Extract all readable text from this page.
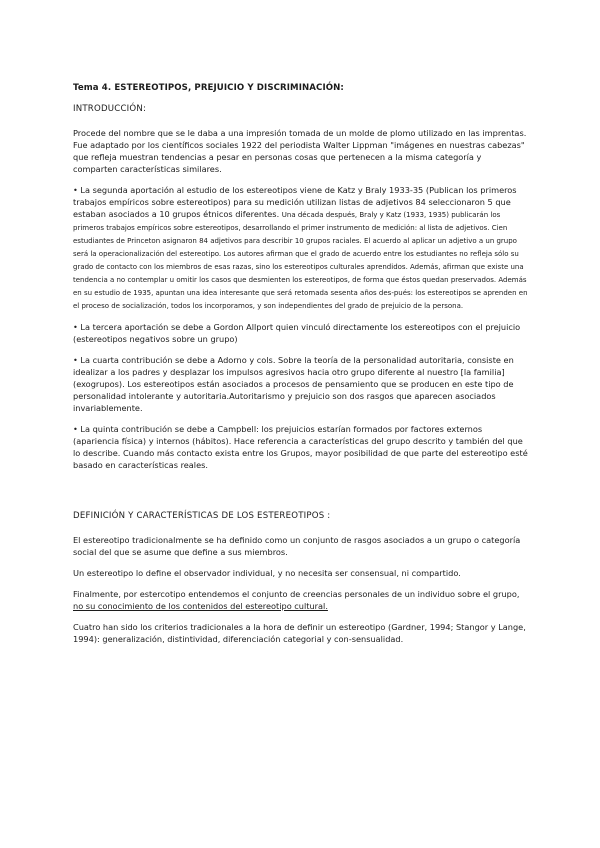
Tema 4. ESTEREOTIPOS, PREJUICIO Y DISCRIMINACIÓN:
INTRODUCCIÓN:
Procede del nombre que se le daba a una impresión tomada de un molde de plomo utilizado en las imprentas. Fue adaptado por los científicos sociales 1922 del periodista Walter Lippman "imágenes en nuestras cabezas" que refleja muestran tendencias a pesar en personas cosas que pertenecen a la misma categoría y comparten características similares.
• La segunda aportación al estudio de los estereotipos viene de Katz y Braly 1933-35 (Publican los primeros trabajos empíricos sobre estereotipos) para su medición utilizan listas de adjetivos 84 seleccionaron 5 que estaban asociados a 10 grupos étnicos diferentes. Una década después, Braly y Katz (1933, 1935) publicarán los primeros trabajos empíricos sobre estereotipos, desarrollando el primer instrumento de medición: al lista de adjetivos. Cien estudiantes de Princeton asignaron 84 adjetivos para describir 10 grupos raciales. El acuerdo al aplicar un adjetivo a un grupo será la operacionalización del estereotipo. Los autores afirman que el grado de acuerdo entre los estudiantes no refleja sólo su grado de contacto con los miembros de esas razas, sino los estereotipos culturales aprendidos. Además, afirman que existe una tendencia a no contemplar u omitir los casos que desmienten los estereotipos, de forma que éstos quedan preservados. Además en su estudio de 1935, apuntan una idea interesante que será retomada sesenta años des-pués: los estereotipos se aprenden en el proceso de socialización, todos los incorporamos, y son independientes del grado de prejuicio de la persona.
• La tercera aportación se debe a Gordon Allport quien vinculó directamente los estereotipos con el prejuicio (estereotipos negativos sobre un grupo)
• La cuarta contribución se debe a Adorno y cols. Sobre la teoría de la personalidad autoritaria, consiste en idealizar a los padres y desplazar los impulsos agresivos hacia otro grupo diferente al nuestro [la familia](exogrupos). Los estereotipos están asociados a procesos de pensamiento que se producen en este tipo de personalidad intolerante y autoritaria.Autoritarismo y prejuicio son dos rasgos que aparecen asociados invariablemente.
• La quinta contribución se debe a Campbell: los prejuicios estarían formados por factores externos (apariencia física) y internos (hábitos). Hace referencia a características del grupo descrito y también del que lo describe. Cuando más contacto exista entre los Grupos, mayor posibilidad de que parte del estereotipo esté basado en características reales.
DEFINICIÓN Y CARACTERÍSTICAS DE LOS ESTEREOTIPOS :
El estereotipo tradicionalmente se ha definido como un conjunto de rasgos asociados a un grupo o categoría social del que se asume que define a sus miembros.
Un estereotipo lo define el observador individual, y no necesita ser consensual, ni compartido.
Finalmente, por estercotipo entendemos el conjunto de creencias personales de un individuo sobre el grupo, no su conocimiento de los contenidos del estereotipo cultural.
Cuatro han sido los criterios tradicionales a la hora de definir un estereotipo (Gardner, 1994; Stangor y Lange, 1994): generalización, distintividad, diferenciación categorial y con-sensualidad.
